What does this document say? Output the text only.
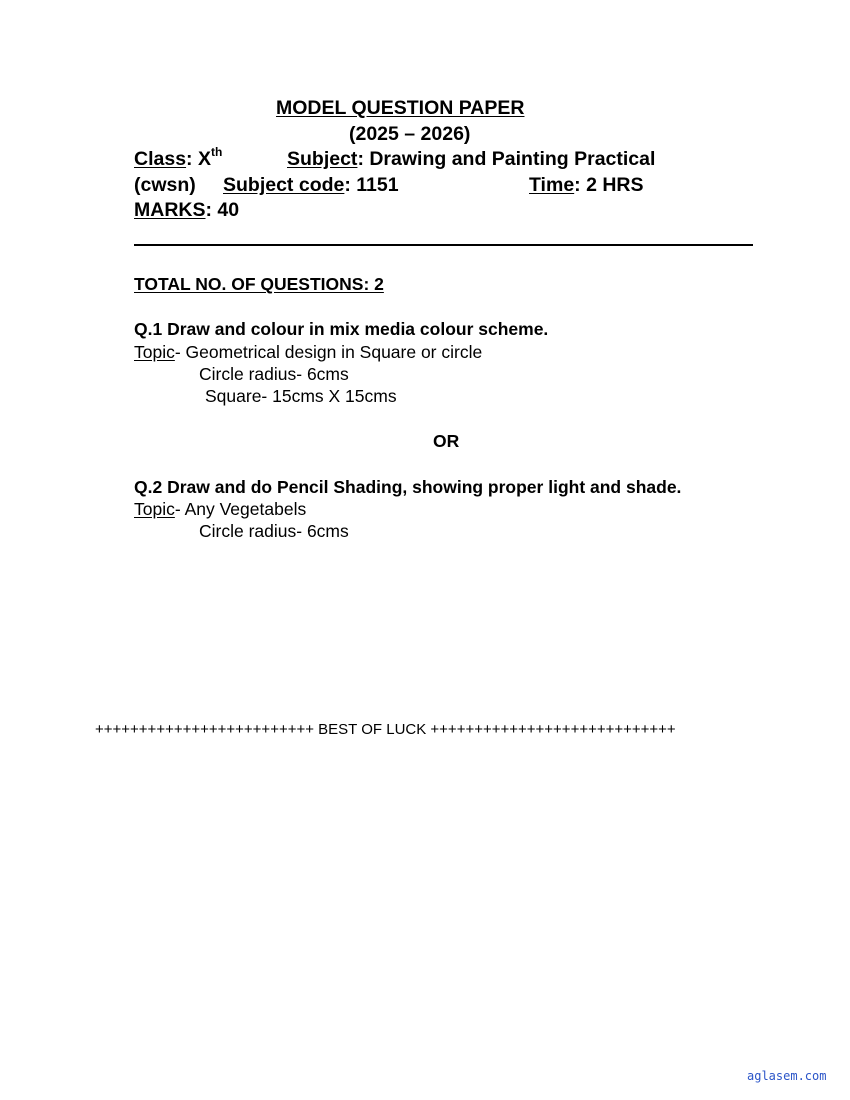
MODEL QUESTION PAPER
(2025 – 2026)
Class: Xth	Subject: Drawing and Painting Practical
(cwsn) Subject code: 1151	Time: 2 HRS
MARKS: 40
TOTAL NO. OF QUESTIONS: 2
Q.1 Draw and colour in mix media colour scheme.
Topic- Geometrical design in Square or circle
Circle radius- 6cms
Square- 15cms X 15cms
OR
Q.2 Draw and do Pencil Shading, showing proper light and shade.
Topic- Any Vegetabels
Circle radius- 6cms
+++++++++++++++++++++++++ BEST OF LUCK ++++++++++++++++++++++++++++
aglasem.com
